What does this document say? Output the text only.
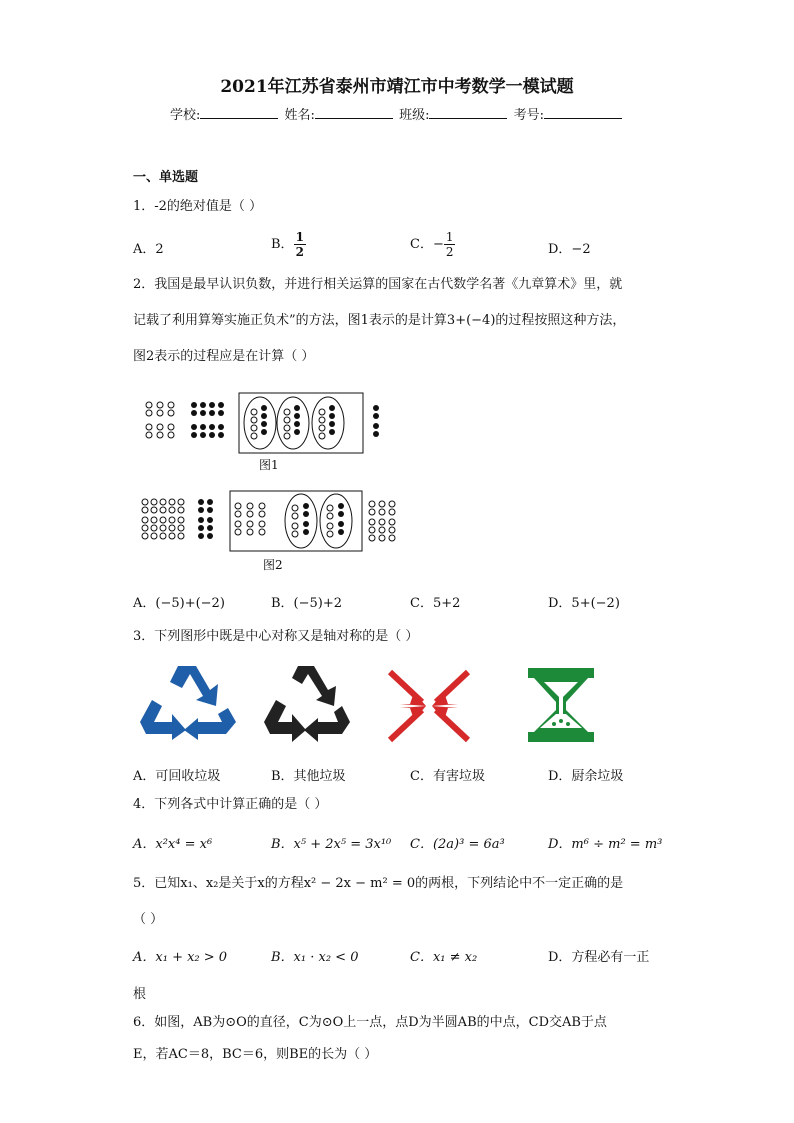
2021年江苏省泰州市靖江市中考数学一模试题
学校:	姓名:	班级:	考号:
一、单选题
1．-2的绝对值是（ ）
A．2	B． $\frac{1}{2}$	C．− $\frac{1}{2}$	D．−2
2．我国是最早认识负数，并进行相关运算的国家在古代数学名著《九章算术》里，就
记载了利用算筹实施正负术”的方法，图1表示的是计算3+(−4)的过程按照这种方法，
图2表示的过程应是在计算（ ）
图1
图2
A．(−5)+(−2)	B．(−5)+2	C．5+2	D．5+(−2)
3．下列图形中既是中心对称又是轴对称的是（ ）
A．可回收垃圾	B．其他垃圾	C．有害垃圾	D．厨余垃圾
4．下列各式中计算正确的是（ ）
A．x²x⁴ = x⁶	B．x⁵ + 2x⁵ = 3x¹⁰ C．(2a)³ = 6a³	D．m⁶ ÷ m² = m³
5．已知x₁、x₂是关于x的方程x² − 2x − m² = 0的两根，下列结论中不一定正确的是
（ ）
A．x₁ + x₂ > 0	B．x₁ · x₂ < 0	C．x₁ ≠ x₂	D．方程必有一正
根
6．如图，AB为⊙O的直径，C为⊙O上一点，点D为半圆AB的中点，CD交AB于点
E，若AC＝8，BC＝6，则BE的长为（ ）
